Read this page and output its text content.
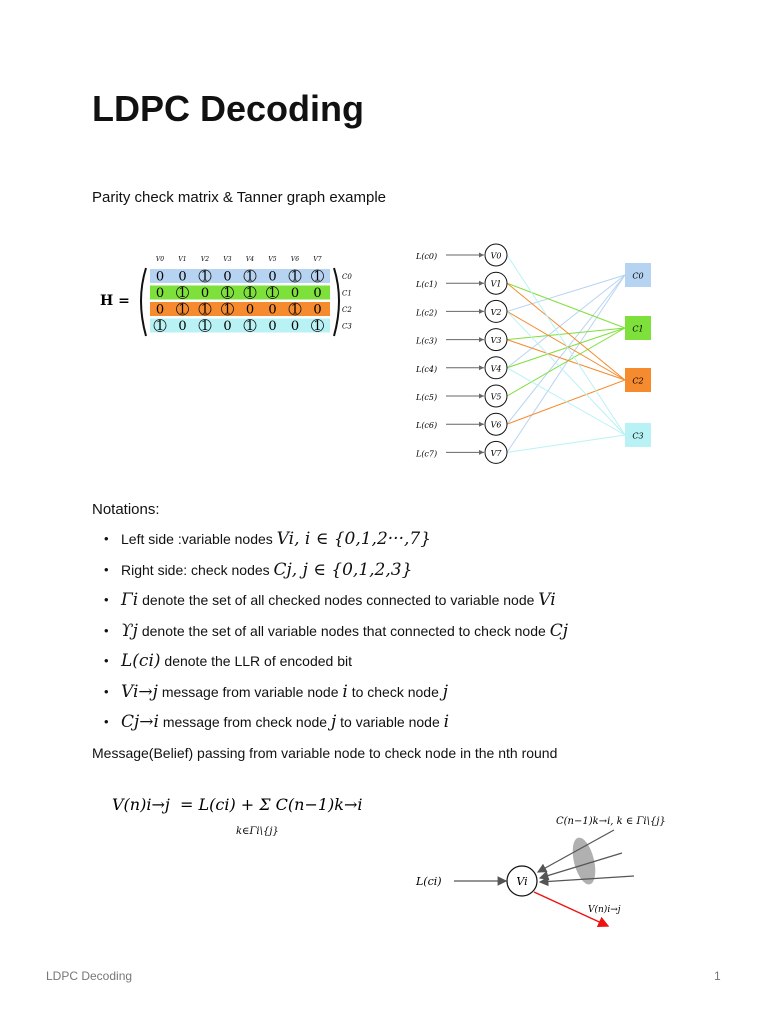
LDPC Decoding
Parity check matrix & Tanner graph example
H =
V0 V1 V2 V3 V4 V5 V6 V7
0 0 1 0 1 0 1 1
0 1 0 1 1 1 0 0
0 1 1 1 0 0 1 0
1 0 1 0 1 0 0 1
C0
C1
C2
C3
L(c0)
L(c1)
L(c2)
L(c3)
L(c4)
L(c5)
L(c6)
L(c7)
V0
V1
V2
V3
V4
V5
V6
V7
C0
C1
C2
C3
Notations:
• Left side :variable nodes Vi, i ∈ {0,1,2···,7}
• Right side: check nodes Cj, j ∈ {0,1,2,3}
• Γi denote the set of all checked nodes connected to variable node Vi
• ϒj denote the set of all variable nodes that connected to check node Cj
• L(ci) denote the LLR of encoded bit
• Vi→j message from variable node i to check node j
• Cj→i message from check node j to variable node i
Message(Belief) passing from variable node to check node in the nth round
V(n)i→j = L(ci) + Σ C(n−1)k→i
k∈Γi\{j}
Vi
L(ci)
C(n−1)k→i, k ∈ Γi\{j}
V(n)i→j
LDPC Decoding	1
